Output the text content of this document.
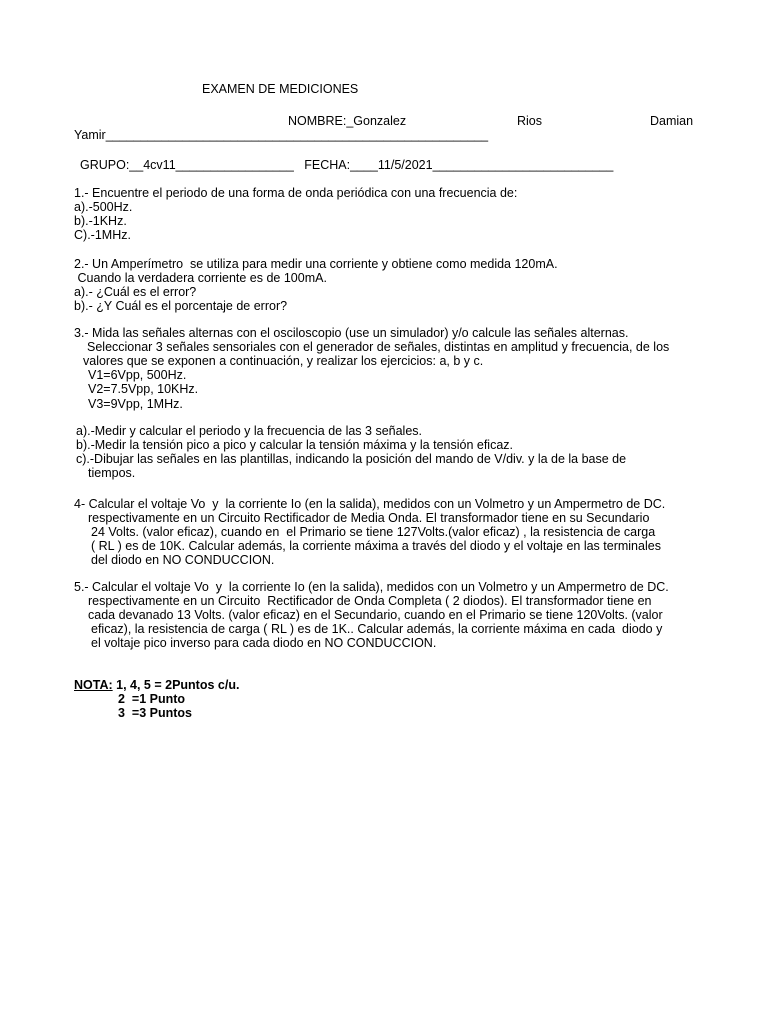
EXAMEN DE MEDICIONES

NOMBRE:_Gonzalez	Rios	Damian

Yamir_______________________________________________________

GRUPO:__4cv11_________________   FECHA:____11/5/2021__________________________

1.- Encuentre el periodo de una forma de onda periódica con una frecuencia de:

a).-500Hz.

b).-1KHz.

C).-1MHz.

2.- Un Amperímetro  se utiliza para medir una corriente y obtiene como medida 120mA.

Cuando la verdadera corriente es de 100mA.

a).- ¿Cuál es el error?

b).- ¿Y Cuál es el porcentaje de error?

3.- Mida las señales alternas con el osciloscopio (use un simulador) y/o calcule las señales alternas.

Seleccionar 3 señales sensoriales con el generador de señales, distintas en amplitud y frecuencia, de los

valores que se exponen a continuación, y realizar los ejercicios: a, b y c.

V1=6Vpp, 500Hz.

V2=7.5Vpp, 10KHz.

V3=9Vpp, 1MHz.

a).-Medir y calcular el periodo y la frecuencia de las 3 señales.

b).-Medir la tensión pico a pico y calcular la tensión máxima y la tensión eficaz.

c).-Dibujar las señales en las plantillas, indicando la posición del mando de V/div. y la de la base de

tiempos.

4- Calcular el voltaje Vo  y  la corriente Io (en la salida), medidos con un Volmetro y un Ampermetro de DC.

respectivamente en un Circuito Rectificador de Media Onda. El transformador tiene en su Secundario

24 Volts. (valor eficaz), cuando en  el Primario se tiene 127Volts.(valor eficaz) , la resistencia de carga

( RL ) es de 10K. Calcular además, la corriente máxima a través del diodo y el voltaje en las terminales

del diodo en NO CONDUCCION.

5.- Calcular el voltaje Vo  y  la corriente Io (en la salida), medidos con un Volmetro y un Ampermetro de DC.

respectivamente en un Circuito  Rectificador de Onda Completa ( 2 diodos). El transformador tiene en

cada devanado 13 Volts. (valor eficaz) en el Secundario, cuando en el Primario se tiene 120Volts. (valor

eficaz), la resistencia de carga ( RL ) es de 1K.. Calcular además, la corriente máxima en cada  diodo y

el voltaje pico inverso para cada diodo en NO CONDUCCION.

NOTA: 1, 4, 5 = 2Puntos c/u.

2  =1 Punto

3  =3 Puntos
